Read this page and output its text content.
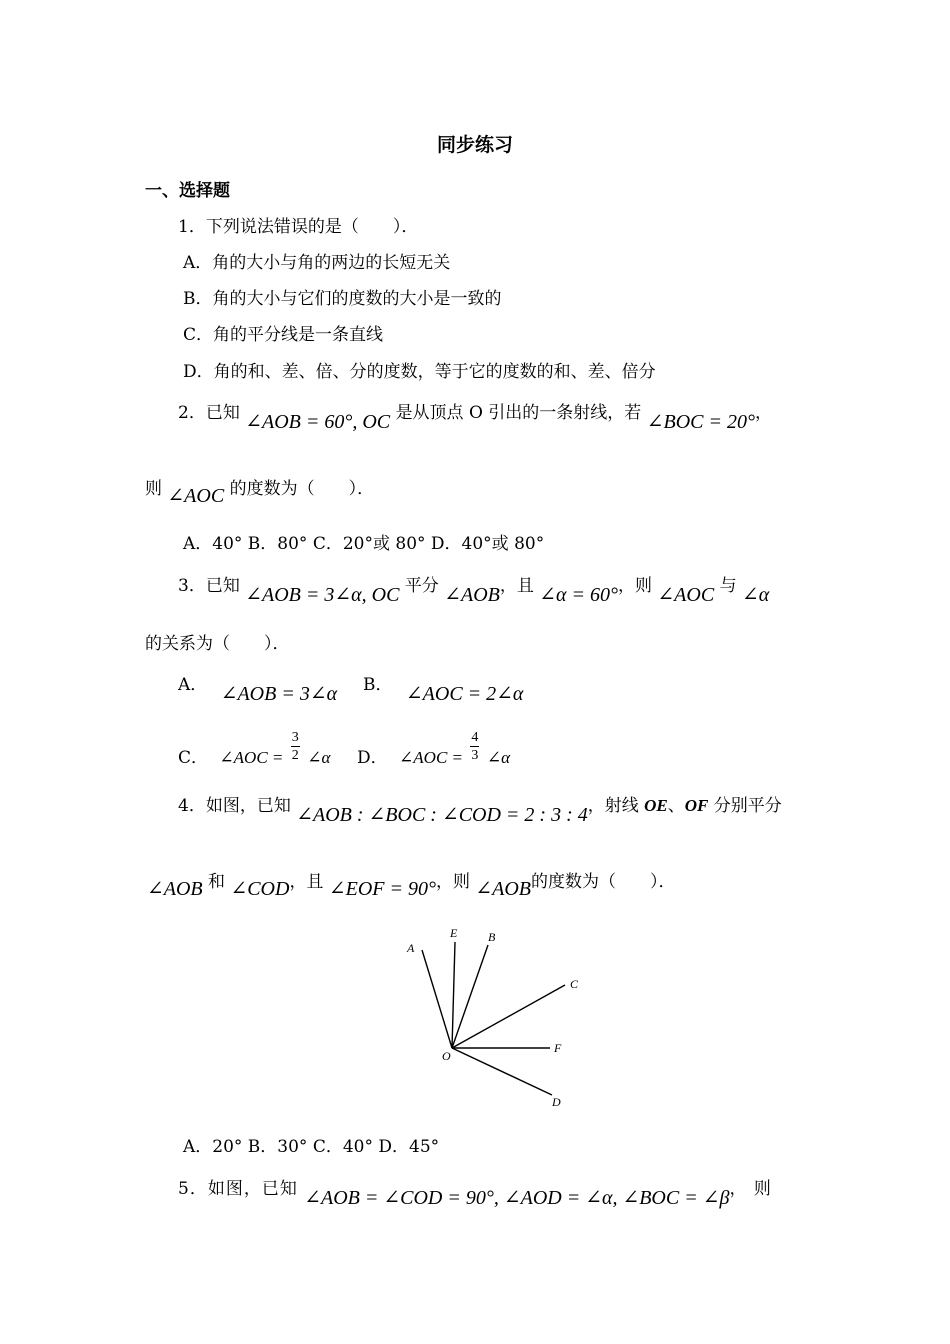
同步练习
一、选择题
1．下列说法错误的是（　　）．
A．角的大小与角的两边的长短无关
B．角的大小与它们的度数的大小是一致的
C．角的平分线是一条直线
D．角的和、差、倍、分的度数，等于它的度数的和、差、倍分
2．已知 ∠AOB = 60°, OC 是从顶点 O 引出的一条射线，若 ∠BOC = 20°，
则 ∠AOC 的度数为（　　）．
A．40° B．80° C．20°或 80° D．40°或 80°
3．已知 ∠AOB = 3∠α, OC 平分 ∠AOB，且 ∠α = 60°，则 ∠AOC 与 ∠α
的关系为（　　）．
A． ∠AOB = 3∠α B． ∠AOC = 2∠α
C． ∠AOC = $\frac{3}{2}$ ∠α D． ∠AOC = $\frac{4}{3}$ ∠α
4．如图，已知 ∠AOB : ∠BOC : ∠COD = 2 : 3 : 4，射线 OE、OF 分别平分
∠AOB 和 ∠COD，且 ∠EOF = 90°，则 ∠AOB的度数为（　　）．
A
E	B
C
O
F
D
A．20° B．30° C．40° D．45°
5．如图，已知 ∠AOB = ∠COD = 90°, ∠AOD = ∠α, ∠BOC = ∠β， 则
